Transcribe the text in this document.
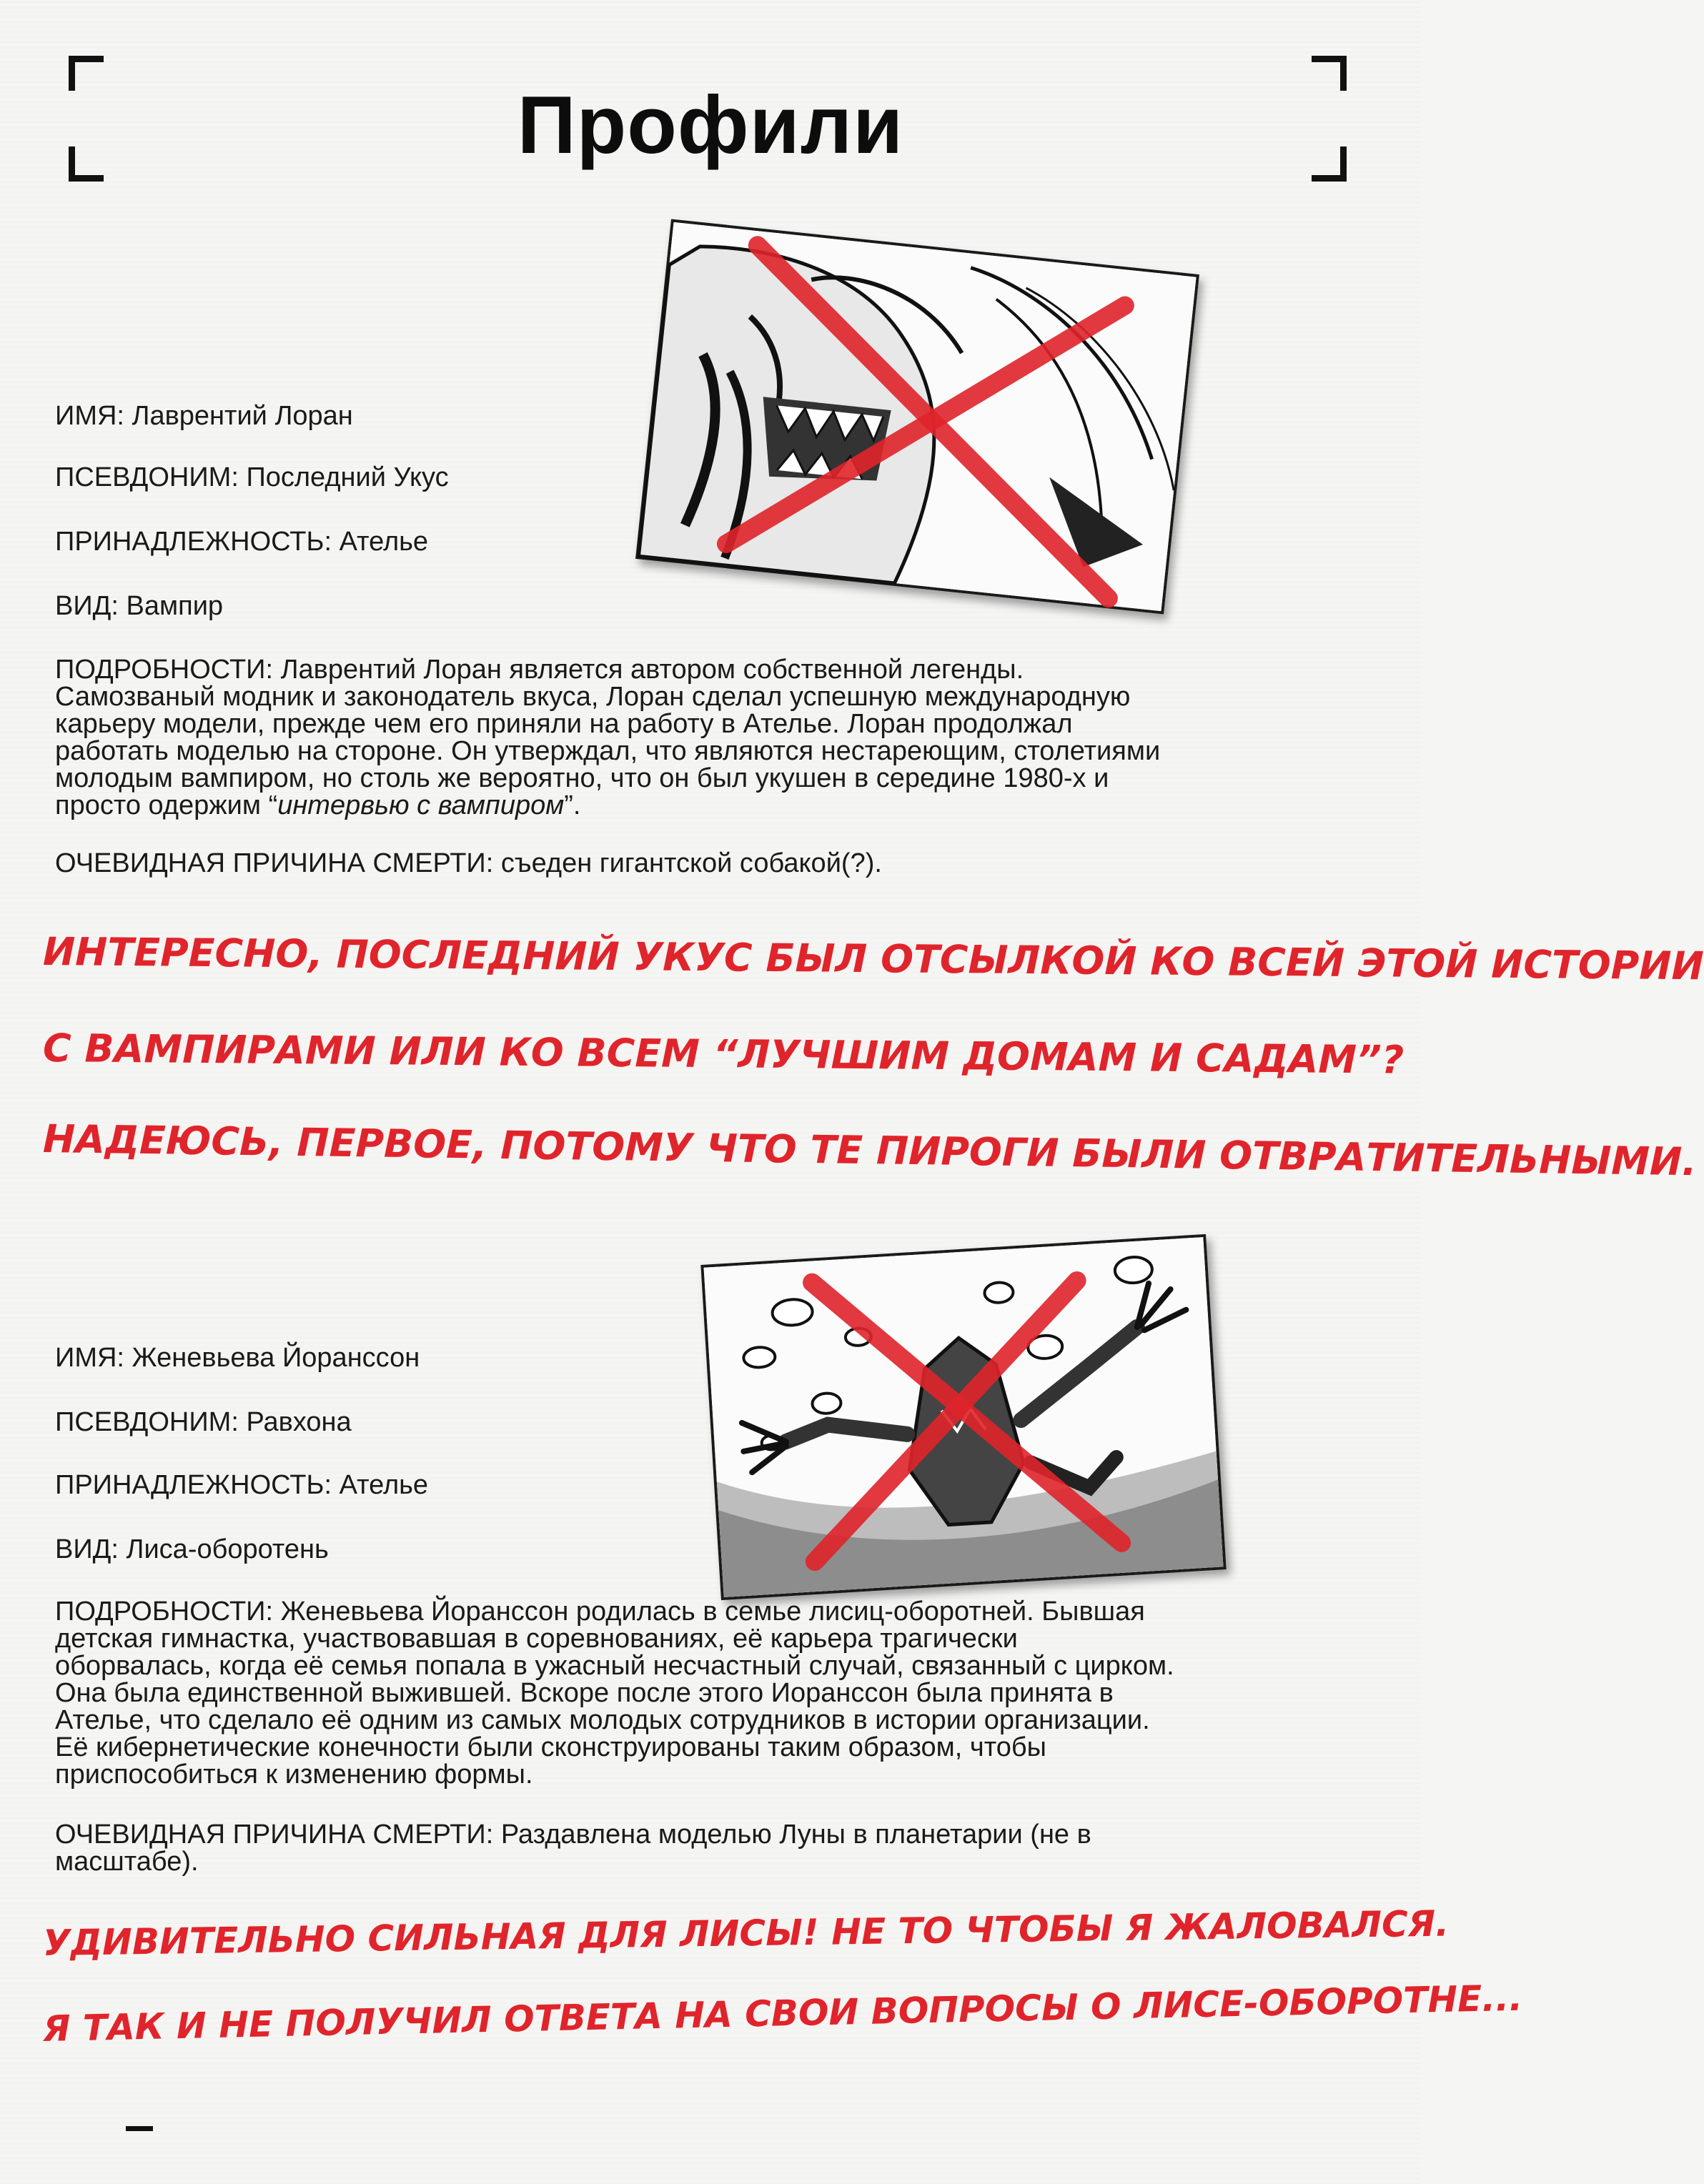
Профили

ИМЯ: Лаврентий Лоран

ПСЕВДОНИМ: Последний Укус

ПРИНАДЛЕЖНОСТЬ: Ателье

ВИД: Вампир

ПОДРОБНОСТИ: Лаврентий Лоран является автором собственной легенды.
Самозваный модник и законодатель вкуса, Лоран сделал успешную международную
карьеру модели, прежде чем его приняли на работу в Ателье. Лоран продолжал
работать моделью на стороне. Он утверждал, что являются нестареющим, столетиями
молодым вампиром, но столь же вероятно, что он был укушен в середине 1980-х и
просто одержим “интервью с вампиром”.

ОЧЕВИДНАЯ ПРИЧИНА СМЕРТИ: съеден гигантской собакой(?).

ИНТЕРЕСНО, ПОСЛЕДНИЙ УКУС БЫЛ ОТСЫЛКОЙ КО ВСЕЙ ЭТОЙ ИСТОРИИ

С ВАМПИРАМИ ИЛИ КО ВСЕМ “ЛУЧШИМ ДОМАМ И САДАМ”?

НАДЕЮСЬ, ПЕРВОЕ, ПОТОМУ ЧТО ТЕ ПИРОГИ БЫЛИ ОТВРАТИТЕЛЬНЫМИ.

ИМЯ: Женевьева Йоранссон

ПСЕВДОНИМ: Равхона

ПРИНАДЛЕЖНОСТЬ: Ателье

ВИД: Лиса-оборотень

ПОДРОБНОСТИ: Женевьева Йоранссон родилась в семье лисиц-оборотней. Бывшая
детская гимнастка, участвовавшая в соревнованиях, её карьера трагически
оборвалась, когда её семья попала в ужасный несчастный случай, связанный с цирком.
Она была единственной выжившей. Вскоре после этого Иоранссон была принята в
Ателье, что сделало её одним из самых молодых сотрудников в истории организации.
Её кибернетические конечности были сконструированы таким образом, чтобы
приспособиться к изменению формы.
ОЧЕВИДНАЯ ПРИЧИНА СМЕРТИ: Раздавлена моделью Луны в планетарии (не в
масштабе).

УДИВИТЕЛЬНО СИЛЬНАЯ ДЛЯ ЛИСЫ! НЕ ТО ЧТОБЫ Я ЖАЛОВАЛСЯ.

Я ТАК И НЕ ПОЛУЧИЛ ОТВЕТА НА СВОИ ВОПРОСЫ О ЛИСЕ-ОБОРОТНЕ...
